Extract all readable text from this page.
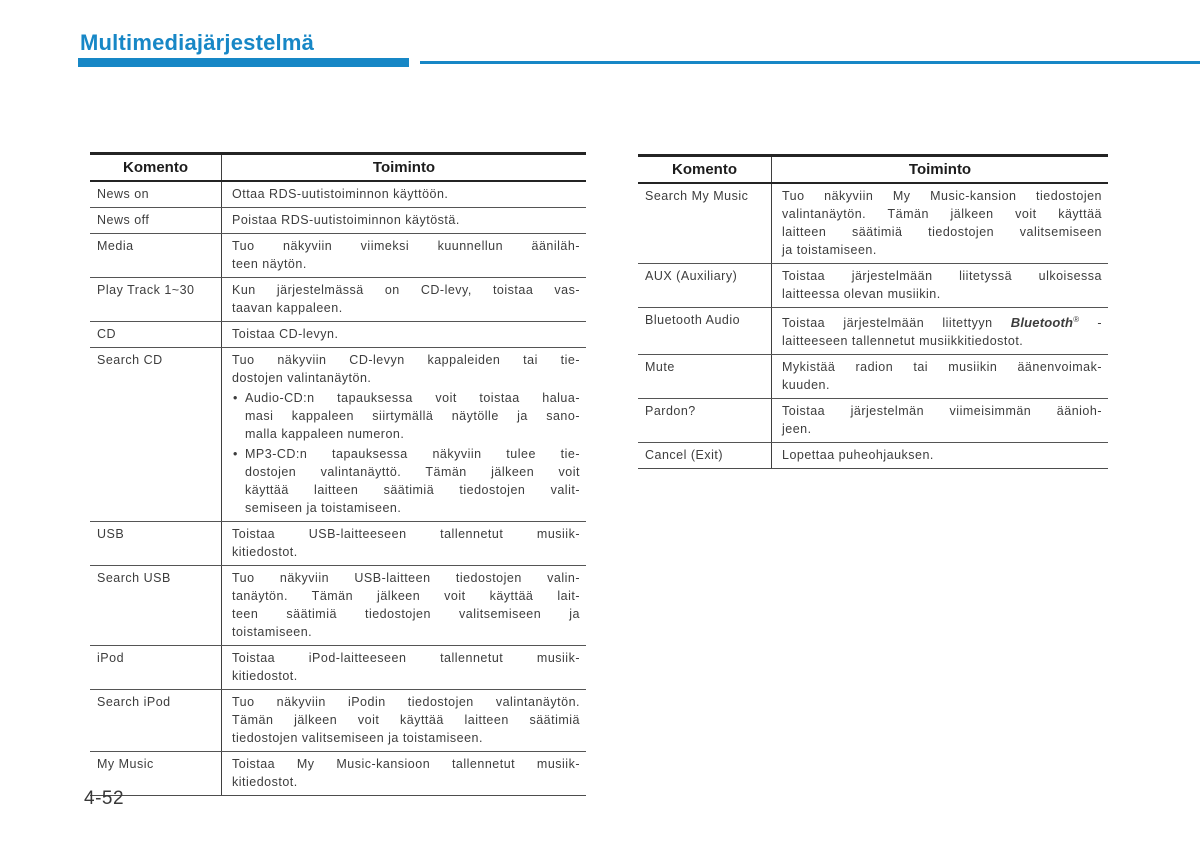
Multimediajärjestelmä
Komento	Toiminto
News on	Ottaa RDS-uutistoiminnon käyttöön.
News off	Poistaa RDS-uutistoiminnon käytöstä.
Media	Tuo näkyviin viimeksi kuunnellun ääniläh-
teen näytön.
Play Track 1~30	Kun järjestelmässä on CD-levy, toistaa vas-
taavan kappaleen.
CD	Toistaa CD-levyn.
Search CD	Tuo näkyviin CD-levyn kappaleiden tai tie-
dostojen valintanäytön.
• Audio-CD:n tapauksessa voit toistaa halua-
masi kappaleen siirtymällä näytölle ja sano-
malla kappaleen numeron.
• MP3-CD:n tapauksessa näkyviin tulee tie-
dostojen valintanäyttö. Tämän jälkeen voit
käyttää laitteen säätimiä tiedostojen valit-
semiseen ja toistamiseen.
USB	Toistaa USB-laitteeseen tallennetut musiik-
kitiedostot.
Search USB	Tuo näkyviin USB-laitteen tiedostojen valin-
tanäytön. Tämän jälkeen voit käyttää lait-
teen säätimiä tiedostojen valitsemiseen ja
toistamiseen.
iPod	Toistaa iPod-laitteeseen tallennetut musiik-
kitiedostot.
Search iPod	Tuo näkyviin iPodin tiedostojen valintanäytön.
Tämän jälkeen voit käyttää laitteen säätimiä
tiedostojen valitsemiseen ja toistamiseen.
My Music	Toistaa My Music-kansioon tallennetut musiik-
kitiedostot.
Komento	Toiminto
Search My Music	Tuo näkyviin My Music-kansion tiedostojen
valintanäytön. Tämän jälkeen voit käyttää
laitteen säätimiä tiedostojen valitsemiseen
ja toistamiseen.
AUX (Auxiliary)	Toistaa järjestelmään liitetyssä ulkoisessa
laitteessa olevan musiikin.
Bluetooth Audio	Toistaa järjestelmään liitettyyn Bluetooth® -
laitteeseen tallennetut musiikkitiedostot.
Mute	Mykistää radion tai musiikin äänenvoimak-
kuuden.
Pardon?	Toistaa järjestelmän viimeisimmän äänioh-
jeen.
Cancel (Exit)	Lopettaa puheohjauksen.
4-52
